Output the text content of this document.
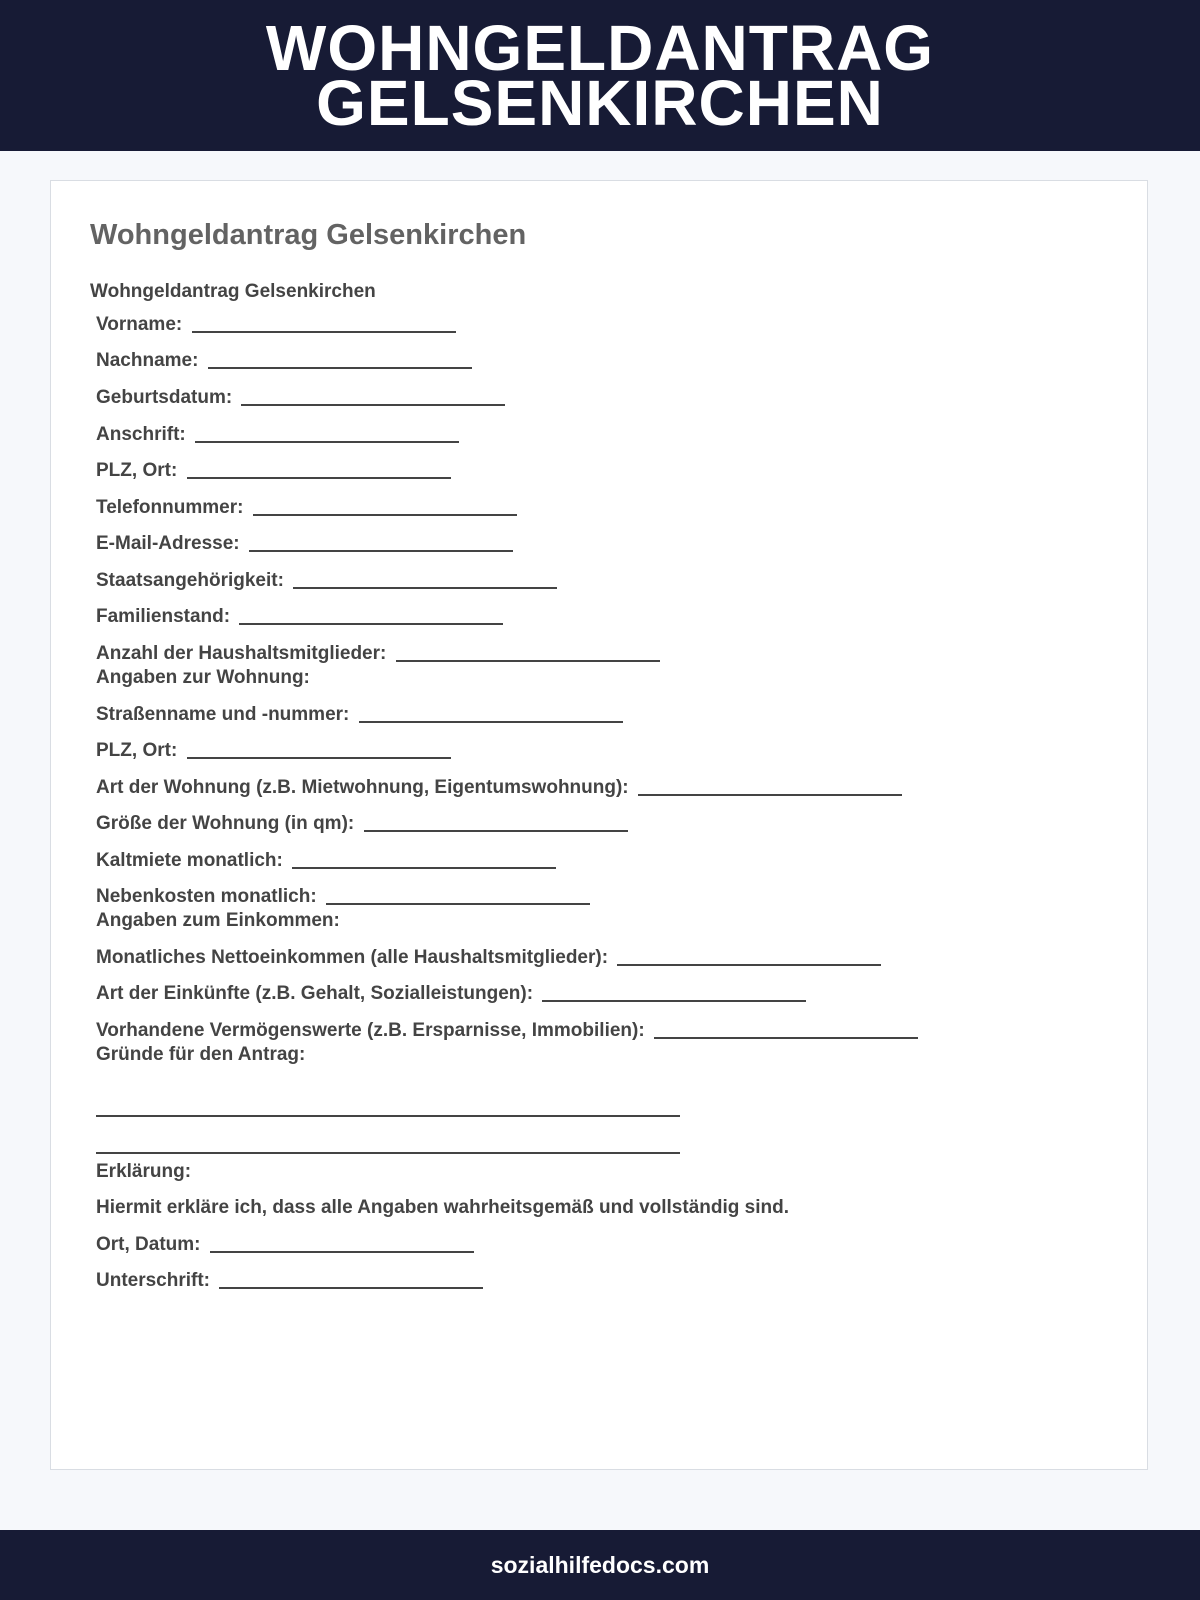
WOHNGELDANTRAG
GELSENKIRCHEN
Wohngeldantrag Gelsenkirchen
Wohngeldantrag Gelsenkirchen
Vorname:
Nachname:
Geburtsdatum:
Anschrift:
PLZ, Ort:
Telefonnummer:
E-Mail-Adresse:
Staatsangehörigkeit:
Familienstand:
Anzahl der Haushaltsmitglieder:
Angaben zur Wohnung:
Straßenname und -nummer:
PLZ, Ort:
Art der Wohnung (z.B. Mietwohnung, Eigentumswohnung):
Größe der Wohnung (in qm):
Kaltmiete monatlich:
Nebenkosten monatlich:
Angaben zum Einkommen:
Monatliches Nettoeinkommen (alle Haushaltsmitglieder):
Art der Einkünfte (z.B. Gehalt, Sozialleistungen):
Vorhandene Vermögenswerte (z.B. Ersparnisse, Immobilien):
Gründe für den Antrag:
Erklärung:
Hiermit erkläre ich, dass alle Angaben wahrheitsgemäß und vollständig sind.
Ort, Datum:
Unterschrift:
sozialhilfedocs.com
